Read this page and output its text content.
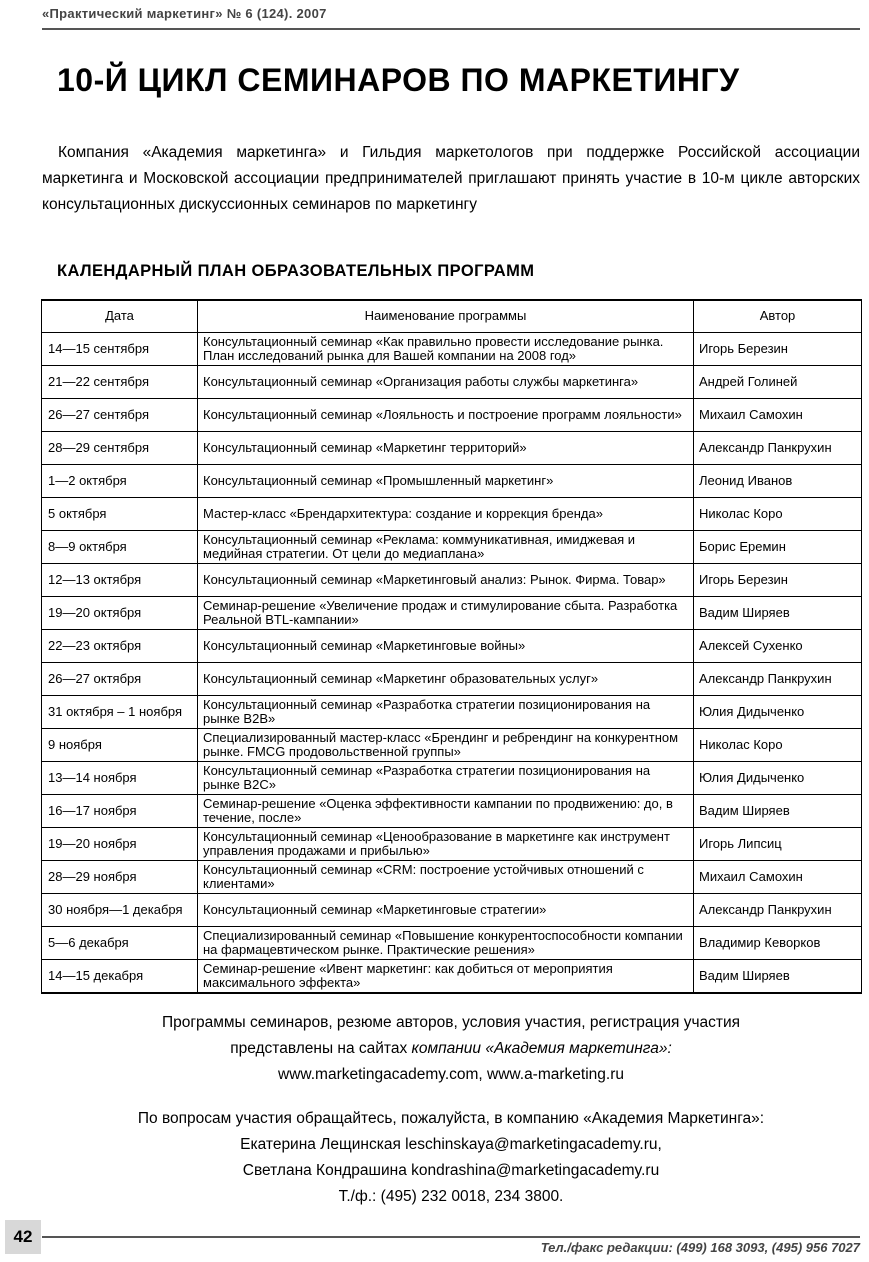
«Практический маркетинг» № 6 (124). 2007
10-Й ЦИКЛ СЕМИНАРОВ ПО МАРКЕТИНГУ

Компания «Академия маркетинга» и Гильдия маркетологов при поддержке Российской ассоциации маркетинга и Московской ассоциации предпринимателей приглашают принять участие в 10-м цикле авторских консультационных дискуссионных семинаров по маркетингу

КАЛЕНДАРНЫЙ ПЛАН ОБРАЗОВАТЕЛЬНЫХ ПРОГРАММ
Дата	Наименование программы	Автор
14—15 сентября	Консультационный семинар «Как правильно провести исследование рынка. План исследований рынка для Вашей компании на 2008 год»	Игорь Березин
21—22 сентября	Консультационный семинар «Организация работы службы маркетинга»	Андрей Голиней
26—27 сентября	Консультационный семинар «Лояльность и построение программ лояльности»	Михаил Самохин
28—29 сентября	Консультационный семинар «Маркетинг территорий»	Александр Панкрухин
1—2 октября	Консультационный семинар «Промышленный маркетинг»	Леонид Иванов
5 октября	Мастер-класс «Брендархитектура: создание и коррекция бренда»	Николас Коро
8—9 октября	Консультационный семинар «Реклама: коммуникативная, имиджевая и медийная стратегии. От цели до медиаплана»	Борис Еремин
12—13 октября	Консультационный семинар «Маркетинговый анализ: Рынок. Фирма. Товар»	Игорь Березин
19—20 октября	Семинар-решение «Увеличение продаж и стимулирование сбыта. Разработка Реальной BTL-кампании»	Вадим Ширяев
22—23 октября	Консультационный семинар «Маркетинговые войны»	Алексей Сухенко
26—27 октября	Консультационный семинар «Маркетинг образовательных услуг»	Александр Панкрухин
31 октября – 1 ноября	Консультационный семинар «Разработка стратегии позиционирования на рынке B2B»	Юлия Дидыченко
9 ноября	Специализированный мастер-класс «Брендинг и ребрендинг на конкурентном рынке. FMCG продовольственной группы»	Николас Коро
13—14 ноября	Консультационный семинар «Разработка стратегии позиционирования на рынке B2C»	Юлия Дидыченко
16—17 ноября	Семинар-решение «Оценка эффективности кампании по продвижению: до, в течение, после»	Вадим Ширяев
19—20 ноября	Консультационный семинар «Ценообразование в маркетинге как инструмент управления продажами и прибылью»	Игорь Липсиц
28—29 ноября	Консультационный семинар «CRM: построение устойчивых отношений с клиентами»	Михаил Самохин
30 ноября—1 декабря	Консультационный семинар «Маркетинговые стратегии»	Александр Панкрухин
5—6 декабря	Специализированный семинар «Повышение конкурентоспособности компании на фармацевтическом рынке. Практические решения»	Владимир Кеворков
14—15 декабря	Семинар-решение «Ивент маркетинг: как добиться от мероприятия максимального эффекта»	Вадим Ширяев
Программы семинаров, резюме авторов, условия участия, регистрация участия
представлены на сайтах компании «Академия маркетинга»:
www.marketingacademy.com, www.a-marketing.ru
По вопросам участия обращайтесь, пожалуйста, в компанию «Академия Маркетинга»:
Екатерина Лещинская leschinskaya@marketingacademy.ru,
Светлана Кондрашина kondrashina@marketingacademy.ru
Т./ф.: (495) 232 0018, 234 3800.
42
Тел./факс редакции: (499) 168 3093, (495) 956 7027
